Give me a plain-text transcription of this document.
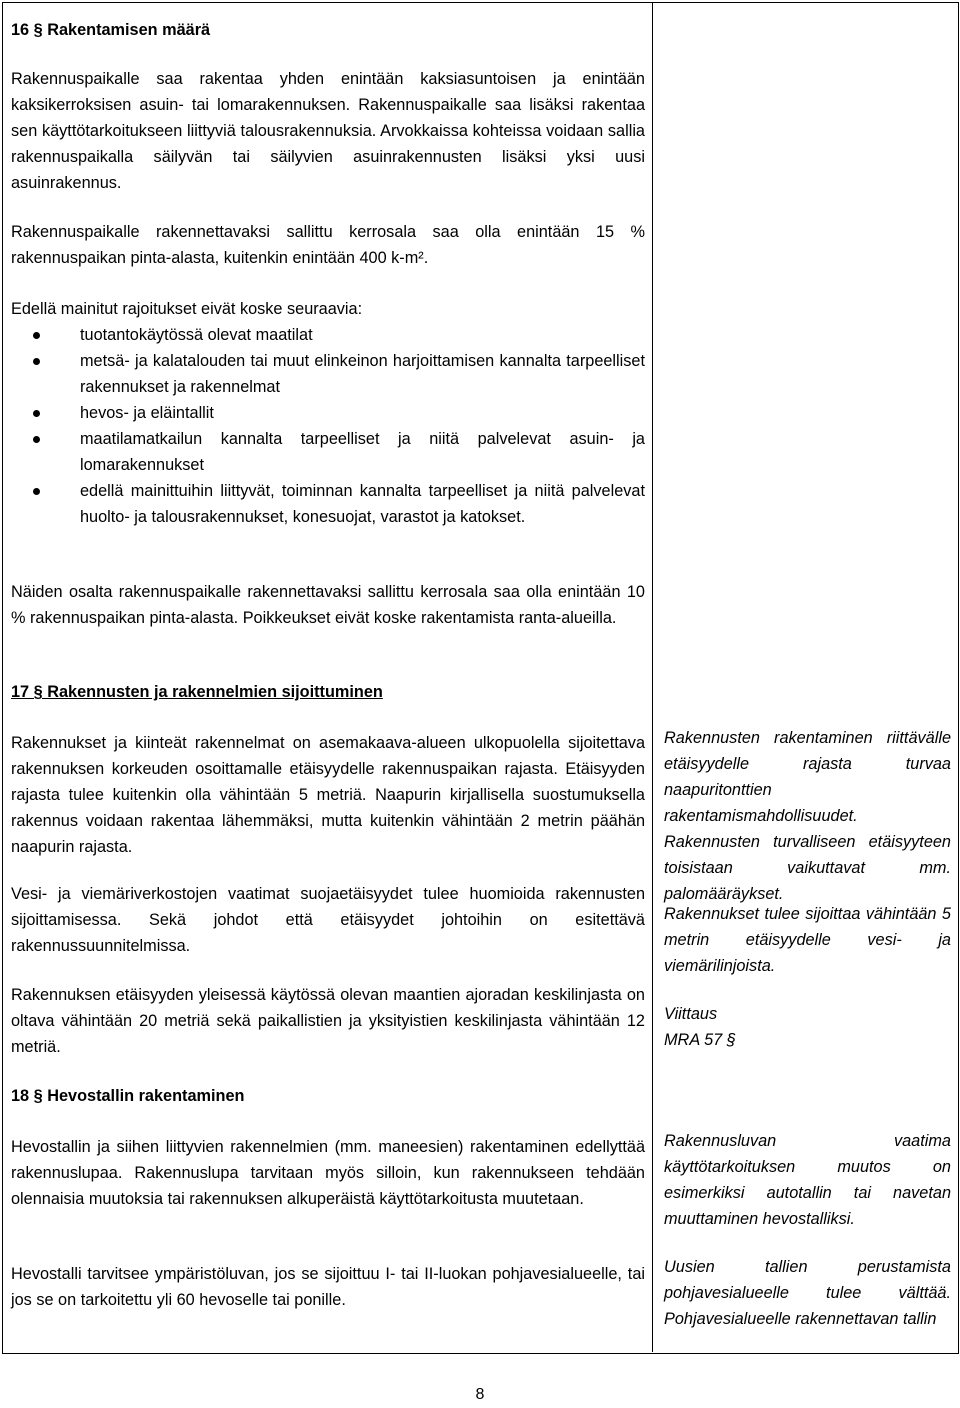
16 § Rakentamisen määrä

Rakennuspaikalle saa rakentaa yhden enintään kaksiasuntoisen ja enintään kaksikerroksisen asuin- tai lomarakennuksen. Rakennuspaikalle saa lisäksi rakentaa sen käyttötarkoitukseen liittyviä talousrakennuksia. Arvokkaissa kohteissa voidaan sallia rakennuspaikalla säilyvän tai säilyvien asuinrakennusten lisäksi yksi uusi asuinrakennus.

Rakennuspaikalle rakennettavaksi sallittu kerrosala saa olla enintään 15 % rakennuspaikan pinta-alasta, kuitenkin enintään 400 k-m².

Edellä mainitut rajoitukset eivät koske seuraavia:

tuotantokäytössä olevat maatilat
metsä- ja kalatalouden tai muut elinkeinon harjoittamisen kannalta tarpeelliset rakennukset ja rakennelmat
hevos- ja eläintallit
maatilamatkailun kannalta tarpeelliset ja niitä palvelevat asuin- ja lomarakennukset
edellä mainittuihin liittyvät, toiminnan kannalta tarpeelliset ja niitä palvelevat huolto- ja talousrakennukset, konesuojat, varastot ja katokset.

Näiden osalta rakennuspaikalle rakennettavaksi sallittu kerrosala saa olla enintään 10 % rakennuspaikan pinta-alasta. Poikkeukset eivät koske rakentamista ranta-alueilla.

17 § Rakennusten ja rakennelmien sijoittuminen

Rakennukset ja kiinteät rakennelmat on asemakaava-alueen ulkopuolella sijoitettava rakennuksen korkeuden osoittamalle etäisyydelle rakennuspaikan rajasta. Etäisyyden rajasta tulee kuitenkin olla vähintään 5 metriä. Naapurin kirjallisella suostumuksella rakennus voidaan rakentaa lähemmäksi, mutta kuitenkin vähintään 2 metrin päähän naapurin rajasta.

Vesi- ja viemäriverkostojen vaatimat suojaetäisyydet tulee huomioida rakennusten sijoittamisessa. Sekä johdot että etäisyydet johtoihin on esitettävä rakennussuunnitelmissa.

Rakennuksen etäisyyden yleisessä käytössä olevan maantien ajoradan keskilinjasta on oltava vähintään 20 metriä sekä paikallistien ja yksityistien keskilinjasta vähintään 12 metriä.

Rakennusten rakentaminen riittävälle etäisyydelle rajasta turvaa naapuritonttien rakentamismahdollisuudet. Rakennusten turvalliseen etäisyyteen toisistaan vaikuttavat mm. palomääräykset.

Rakennukset tulee sijoittaa vähintään 5 metrin etäisyydelle vesi- ja viemärilinjoista.

Viittaus

MRA 57 §

18 § Hevostallin rakentaminen

Hevostallin ja siihen liittyvien rakennelmien (mm. maneesien) rakentaminen edellyttää rakennuslupaa. Rakennuslupa tarvitaan myös silloin, kun rakennukseen tehdään olennaisia muutoksia tai rakennuksen alkuperäistä käyttötarkoitusta muutetaan.

Hevostalli tarvitsee ympäristöluvan, jos se sijoittuu I- tai II-luokan pohjavesialueelle, tai jos se on tarkoitettu yli 60 hevoselle tai ponille.

Rakennusluvan vaatima käyttötarkoituksen muutos on esimerkiksi autotallin tai navetan muuttaminen hevostalliksi.

Uusien tallien perustamista pohjavesialueelle tulee välttää. Pohjavesialueelle rakennettavan tallin

8
